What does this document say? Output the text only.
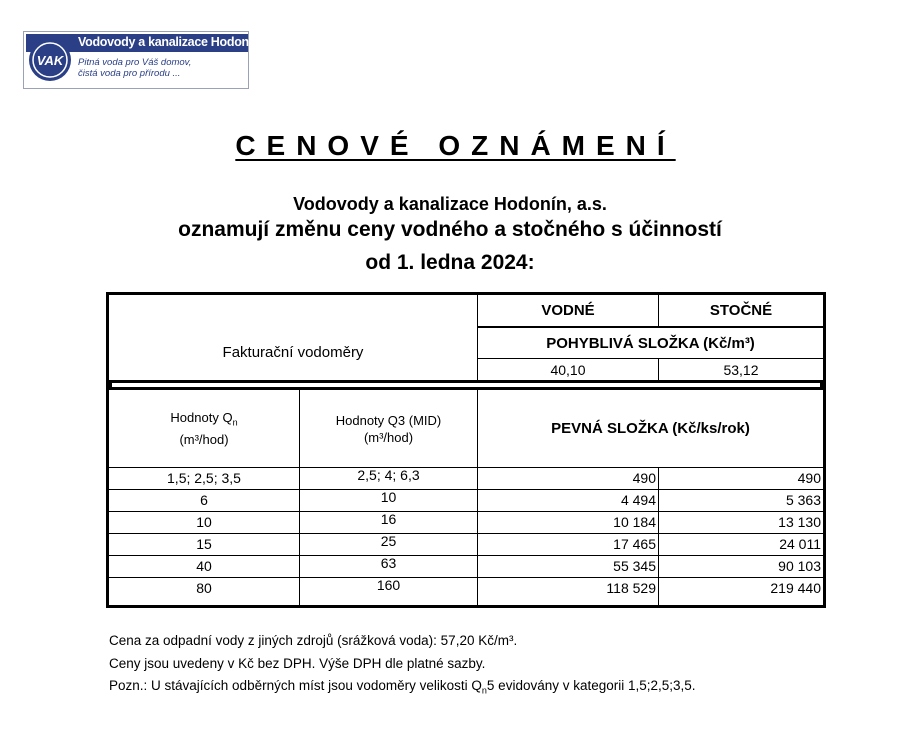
Vodovody a kanalizace Hodonín, a.s.
VAK Pitná voda pro Váš domov,
čistá voda pro přírodu ...
CENOVÉ OZNÁMENÍ
Vodovody a kanalizace Hodonín, a.s.
oznamují změnu ceny vodného a stočného s účinností
od 1. ledna 2024:
Fakturační vodoměry
VODNÉ	STOČNÉ
POHYBLIVÁ SLOŽKA (Kč/m³)
40,10	53,12
Hodnoty $Q_n$
(m³/hod)
Hodnoty Q3 (MID)
(m³/hod)	PEVNÁ SLOŽKA (Kč/ks/rok)
1,5; 2,5; 3,5	2,5; 4; 6,3	490	490
6	10	4 494	5 363
10	16	10 184	13 130
15	25	17 465	24 011
40	63	55 345	90 103
80	160	118 529	219 440
Cena za odpadní vody z jiných zdrojů (srážková voda): 57,20 Kč/m³.
Ceny jsou uvedeny v Kč bez DPH. Výše DPH dle platné sazby.
Pozn.: U stávajících odběrných míst jsou vodoměry velikosti $Q_n5$ evidovány v kategorii 1,5;2,5;3,5.
